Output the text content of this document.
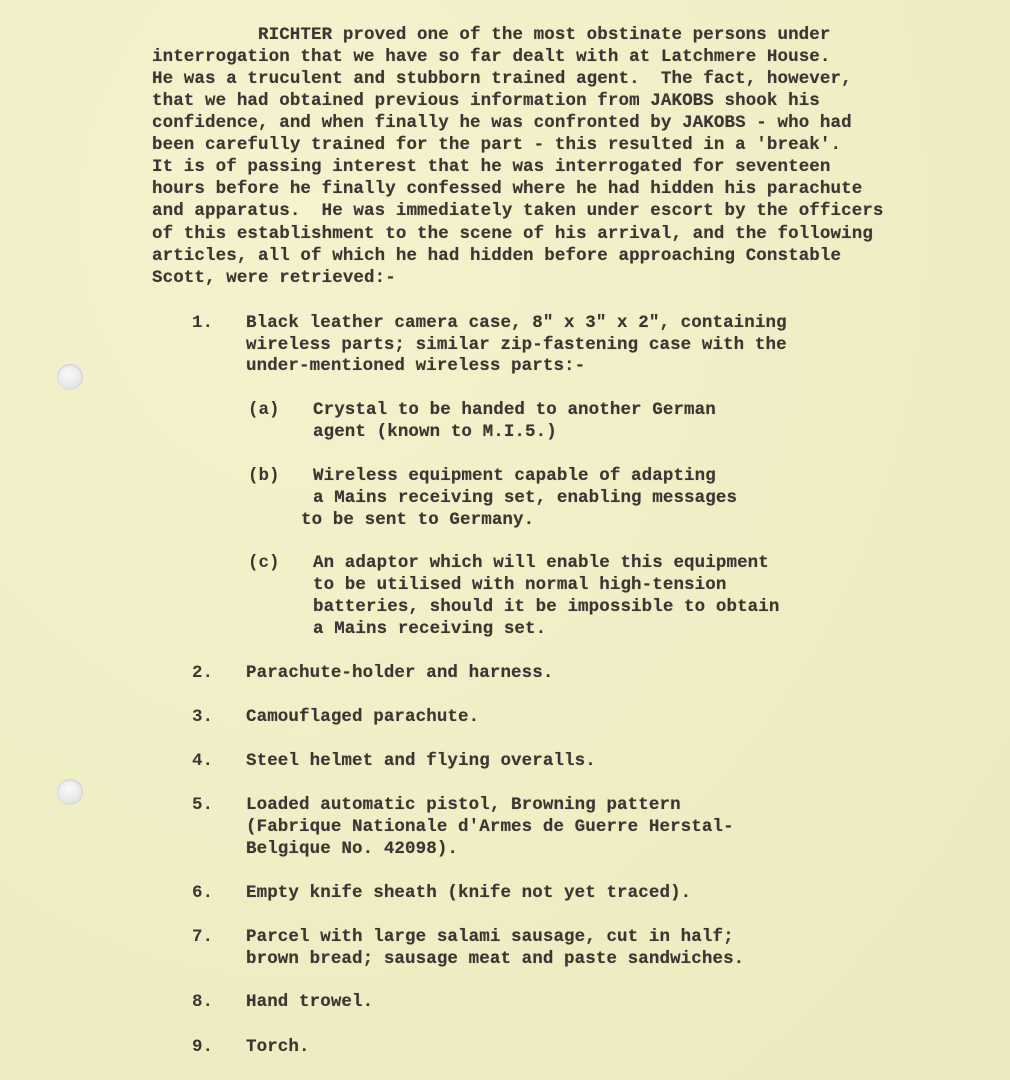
RICHTER proved one of the most obstinate persons under
interrogation that we have so far dealt with at Latchmere House.
He was a truculent and stubborn trained agent.  The fact, however,
that we had obtained previous information from JAKOBS shook his
confidence, and when finally he was confronted by JAKOBS - who had
been carefully trained for the part - this resulted in a 'break'.
It is of passing interest that he was interrogated for seventeen
hours before he finally confessed where he had hidden his parachute
and apparatus.  He was immediately taken under escort by the officers
of this establishment to the scene of his arrival, and the following
articles, all of which he had hidden before approaching Constable
Scott, were retrieved:-
1. Black leather camera case, 8" x 3" x 2", containing
wireless parts; similar zip-fastening case with the
under-mentioned wireless parts:-
(a) Crystal to be handed to another German
agent (known to M.I.5.)
(b) Wireless equipment capable of adapting
a Mains receiving set, enabling messages
to be sent to Germany.
(c) An adaptor which will enable this equipment
to be utilised with normal high-tension
batteries, should it be impossible to obtain
a Mains receiving set.
2. Parachute-holder and harness.
3. Camouflaged parachute.
4. Steel helmet and flying overalls.
5. Loaded automatic pistol, Browning pattern
(Fabrique Nationale d'Armes de Guerre Herstal-
Belgique No. 42098).
6. Empty knife sheath (knife not yet traced).
7. Parcel with large salami sausage, cut in half;
brown bread; sausage meat and paste sandwiches.
8. Hand trowel.
9. Torch.
